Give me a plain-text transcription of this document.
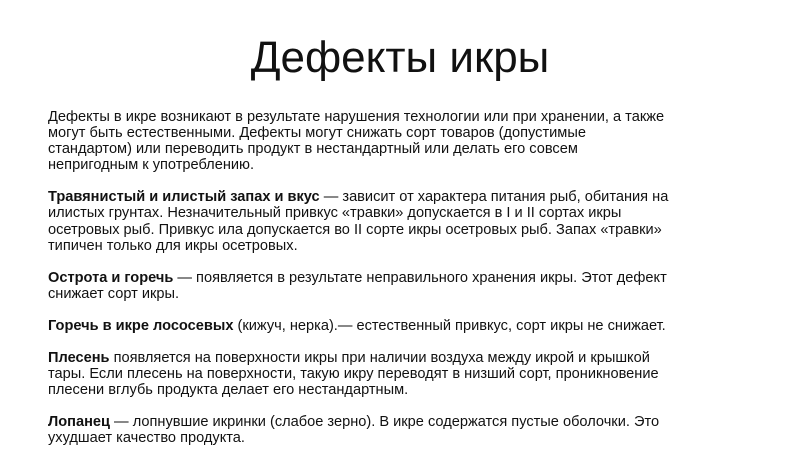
Дефекты икры
Дефекты в икре возникают в результате нарушения технологии или при хранении, а также
могут быть естественными. Дефекты могут снижать сорт товаров (допустимые
стандартом) или переводить продукт в нестандартный или делать его совсем
непригодным к употреблению.
Травянистый и илистый запах и вкус — зависит от характера питания рыб, обитания на
илистых грунтах. Незначительный привкус «травки» допускается в I и II сортах икры
осетровых рыб. Привкус ила допускается во II сорте икры осетровых рыб. Запах «травки»
типичен только для икры осетровых.
Острота и горечь — появляется в результате неправильного хранения икры. Этот дефект
снижает сорт икры.
Горечь в икре лососевых (кижуч, нерка).— естественный привкус, сорт икры не снижает.
Плесень появляется на поверхности икры при наличии воздуха между икрой и крышкой
тары. Если плесень на поверхности, такую икру переводят в низший сорт, проникновение
плесени вглубь продукта делает его нестандартным.
Лопанец — лопнувшие икринки (слабое зерно). В икре содержатся пустые оболочки. Это
ухудшает качество продукта.
